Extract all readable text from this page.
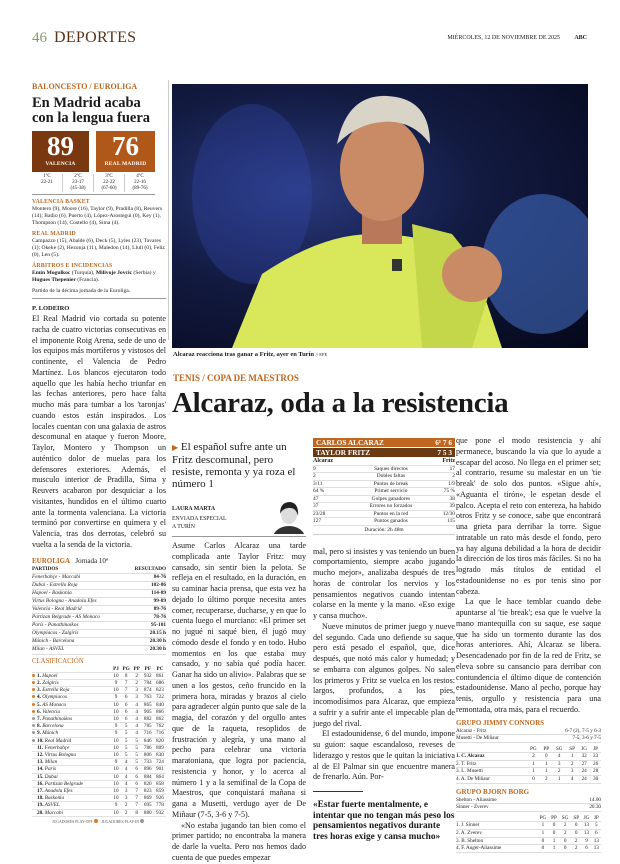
46 DEPORTES	MIÉRCOLES, 12 DE NOVIEMBRE DE 2025 ABC
BALONCESTO / EUROLIGA
En Madrid acaba con la lengua fuera
89
VALENCIA
76
REAL MADRID
1ºC
22-21

2ºC
23-17
(45-38)

3ºC
22-22
(67-60)

4ºC
22-16
(89-76)

VALENCIA BASKET
Montero (9), Moore (16), Taylor (9), Pradilla (8), Reuvers (14); Badio (6), Puerto (4), López-Arostegui (0), Key (1), Thompson (14), Costello (4), Sima (4).
REAL MADRID
Campazzo (15), Abalde (6), Deck (5), Lyles (23), Tavares (1); Okeke (2), Hezonja (11), Maledon (14), Llull (0), Feliz (0), Len (5).
ÁRBITROS E INCIDENCIAS
Emin Mogulkoc (Turquía), Milivoje Jovcic (Serbia) y Hugues Thepenier (Francia).
Partido de la décima jornada de la Euroliga.
P. LODEIRO

El Real Madrid vio cortada su potente racha de cuatro victorias consecutivas en el imponente Roig Arena, sede de uno de los equipos más mortíferos y vistosos del continente, el Valencia de Pedro Martínez. Los blancos ejecutaron todo aquello que les había hecho triunfar en las fechas anteriores, pero hace falta mucho más para tumbar a los 'taronjas' cuando estos están inspirados. Los locales cuentan con una galaxia de astros descomunal en ataque y fueron Moore, Taylor, Montero y Thompson un auténtico dolor de muelas para los defensores exteriores. Además, el musculo interior de Pradilla, Sima y Reuvers acabaron por desquiciar a los visitantes, hundidos en el último cuarto ante la tormenta valenciana. La victoria terminó por convertirse en quimera y el Valencia, tras dos derrotas, celebró su vuelta a la senda de la victoria.

EUROLIGA Jornada 10ª
PARTIDOS	RESULTADO
Fenerbahçe - Maccabi	84-76
Dubai - Estrella Roja	102-86
Hapoel - Baskonia	114-89
Virtus Bologna - Anadolu Efes	99-89
Valencia - Real Madrid	89-76
Partizan Belgrade - AS Monaco	78-76
París - Panathinaikos	95-101
Olympiacos - Zalgiris	20.15 h
Múnich - Barcelona	20.30 h
Milan - ASVEL	20.30 h
CLASIFICACIÓN
	PJ	PG	PP	PF	PC
1. Hapoel	10	8	2	932	861
2. Zalgiris	9	7	2	784	686
3. Estrella Roja	10	7	3	874	823
4. Olympiacos	9	6	3	763	722
5. AS Monaco	10	6	4	865	840
6. Valencia	10	6	4	905	866
7. Panathinaikos	10	6	4	882	862
8. Barcelona	9	5	4	785	762
9. Múnich	9	5	4	716	716
10. Real Madrid	10	5	5	846	820
11. Fenerbahçe	10	5	5	786	809
12. Virtus Bologna	10	5	5	806	830
13. Milan	9	4	5	733	724
14. París	10	4	6	896	901
15. Dubai	10	4	6	884	864
16. Partizan Belgrade	10	4	6	820	858
17. Anadolu Efes	10	3	7	823	859
18. Baskonia	10	3	7	869	926
19. ASVEL	9	2	7	695	778
20. Maccabi	10	2	8	880	932
JUGADORES PLAY-OFF JUGADORES PLAY-IN
Alcaraz reacciona tras ganar a Fritz, ayer en Turín // EFE
TENIS / COPA DE MAESTROS
Alcaraz, oda a la resistencia
▶ El español sufre ante un Fritz descomunal, pero resiste, remonta y ya roza el número 1
LAURA MARTA
ENVIADA ESPECIAL
A TURÍN

Asume Carlos Alcaraz una tarde complicada ante Taylor Fritz: muy cansado, sin sentir bien la pelota. Se refleja en el resultado, en la duración, en su caminar hacia prensa, que esta vez ha dejado lo último porque necesita antes comer, recuperarse, ducharse, y en que lo cuenta luego el murciano: «El primer set no jugué ni saqué bien, él jugó muy cómodo desde el fondo y en todo. Hubo momentos en los que estaba muy cansado, y no sabía qué podía hacer. Ganar ha sido un alivio». Palabras que se unen a los gestos, ceño fruncido en la primera hora, miradas y brazos al cielo para agradecer algún punto que sale de la magia, del corazón y del orgullo antes que de la raqueta, resoplidos de frustración y alegría, y una mano al pecho para celebrar una victoria maratoniana, que logra por paciencia, resistencia y honor, y lo acerca al número 1 y a la semifinal de la Copa de Maestros, que conquistará mañana si gana a Musetti, verdugo ayer de De Miñaur (7-5, 3-6 y 7-5).

«No estaba jugando tan bien como el primer partido; no encontraba la manera de darle la vuelta. Pero nos hemos dado cuenta de que puedes empezar

CARLOS ALCARAZ	6¹ 7 6
TAYLOR FRITZ	7 5 3
Alcaraz		Fritz
9	Saques directos	17
2	Dobles faltas	2
3/11	Puntos de break	1/9
64 %	Primer servicio	75 %
47	Golpes ganadores	38
37	Errores no forzados	39
23/28	Puntos en la red	12/30
127	Puntos ganados	115
Duración: 2h 48m

mal, pero si insistes y vas teniendo un buen comportamiento, siempre acabo jugando mucho mejor», analizaba después de tres horas de controlar los nervios y los pensamientos negativos cuando intentan colarse en la mente y la mano. «Eso exige y cansa mucho».

Nueve minutos de primer juego y nueve del segundo. Cada uno defiende su saque, pero está pesado el español, que, dice después, que notó más calor y humedad; y se embarra con algunos golpes. No salen los primeros y Fritz se vuelca en los restos: largos, profundos, a los pies, incomodísimos para Alcaraz, que empieza a sufrir y a sufrir ante el impecable plan de juego del rival.

El estadounidense, 6 del mundo, impone su guion: saque escandaloso, reveses de liderazgo y restos que le quitan la iniciativa al de El Palmar sin que encuentre manera de frenarlo. Aún. Por-

«Estar fuerte mentalmente, e intentar que no tengan más peso los pensamientos negativos durante tres horas exige y cansa mucho»

que pone el modo resistencia y ahí permanece, buscando la vía que lo ayude a escapar del acoso. No llega en el primer set; al contrario, resume su malestar en un 'tie break' de solo dos puntos. «Sigue ahí», «Aguanta el tirón», le espetan desde el palco. Acepta el reto con entereza, ha habido otros Fritz y se conoce, sabe que encontrará una grieta para derribar la torre. Sigue intratable un rato más desde el fondo, pero ya hay alguna debilidad a la hora de decidir la dirección de los tiros más fáciles. Si no ha logrado más títulos de entidad el estadounidense no es por tenis sino por cabeza.

La que le hace temblar cuando debe apuntarse al 'tie break'; esa que le vuelve la mano mantequilla con su saque, ese saque que ha sido un tormento durante las dos horas anteriores. Ahí, Alcaraz se libera. Desencadenado por fin de la red de Fritz, se eleva sobre su cansancio para derribar con contundencia el último dique de contención estadounidense. Mano al pecho, porque hay tenis, orgullo y resistencia para una remontada, otra más, para el recuerdo.

GRUPO JIMMY CONNORS
Alcaraz - Fritz	6-7 (2), 7-5 y 6-3
Musetti - De Miñaur	7-5, 3-6 y 7-5
	PG	PP	SG	SP	JG	JP
1. C. Alcaraz	2	0	4	1	32	23
2. T. Fritz	1	1	3	2	27	26
3. L. Musetti	1	1	2	3	24	28
4. A. De Miñaur	0	2	1	4	24	30
GRUPO BJORN BORG
Shelton - Aliassime	14.00
Sinner - Zverev	20.30
	PG	PP	SG	SP	JG	JP
1. J. Sinner	1	0	2	0	13	5
2. A. Zverev	1	0	2	0	13	6
3. B. Shelton	0	1	0	2	9	13
4. F. Auger-Aliassime	0	1	0	2	6	13
